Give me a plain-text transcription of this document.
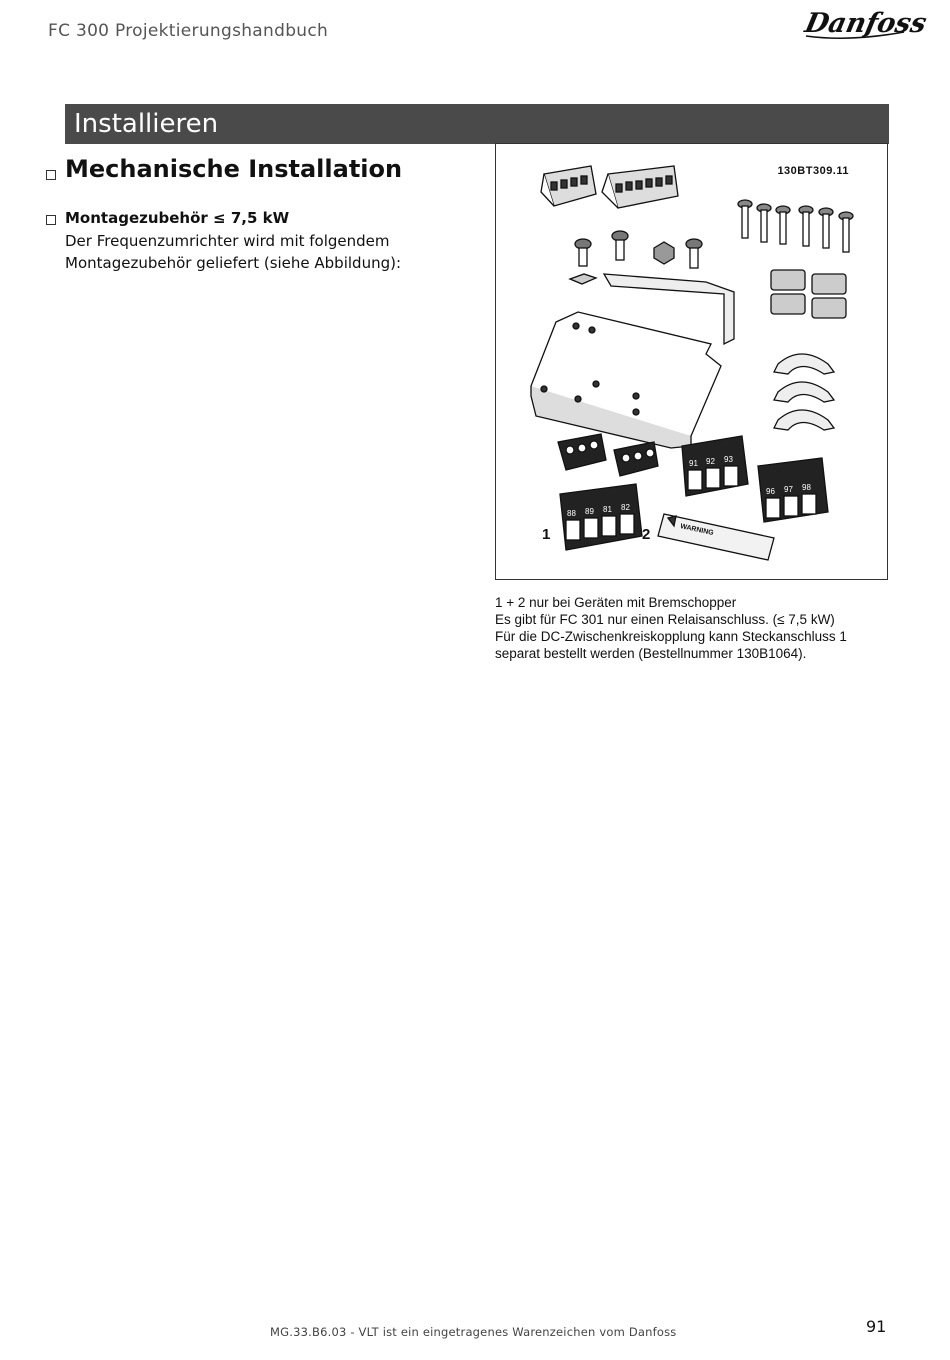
FC 300 Projektierungshandbuch	Danfoss
Installieren
Mechanische Installation
Montagezubehör ≤ 7,5 kW
Der Frequenzumrichter wird mit folgendem
Montagezubehör geliefert (siehe Abbildung):
91 92 93
96 97 98
88 89 81 82
WARNING
130BT309.11
1	2
1 + 2 nur bei Geräten mit Bremschopper
Es gibt für FC 301 nur einen Relaisanschluss. (≤ 7,5 kW)
Für die DC-Zwischenkreiskopplung kann Steckanschluss 1
separat bestellt werden (Bestellnummer 130B1064).
MG.33.B6.03 - VLT ist ein eingetragenes Warenzeichen vom Danfoss	91
